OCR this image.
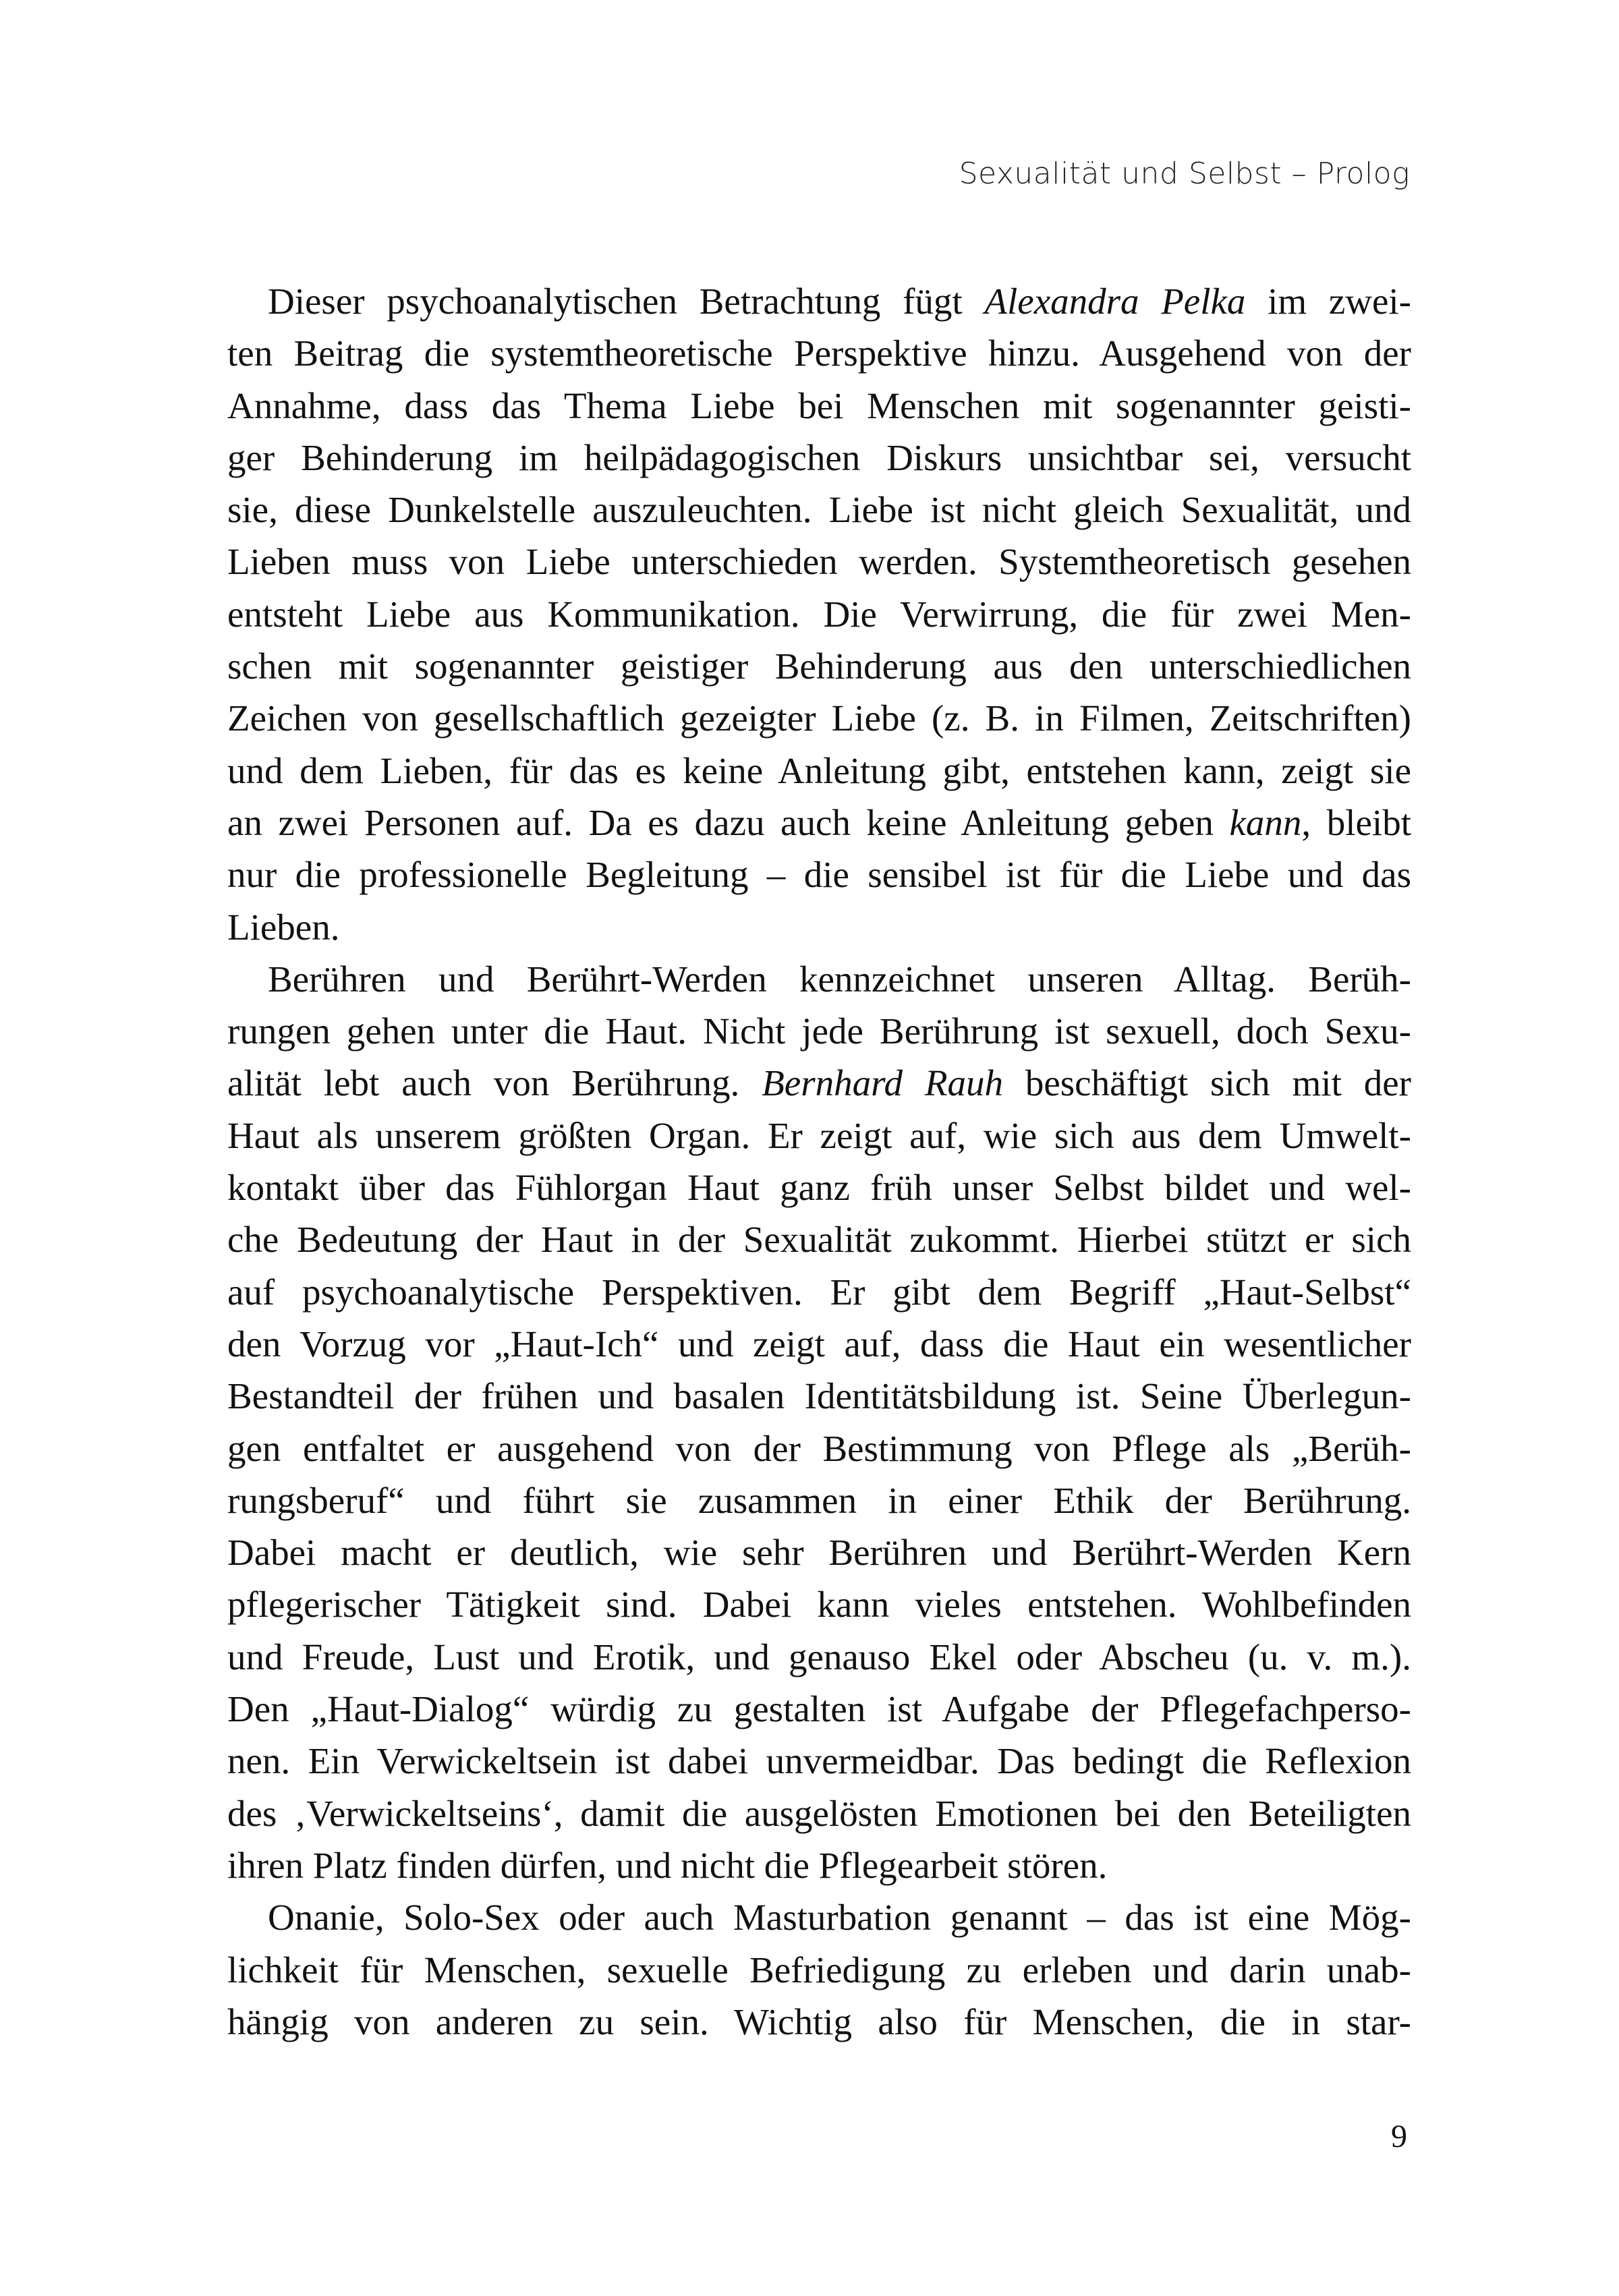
Sexualität und Selbst – Prolog
Dieser psychoanalytischen Betrachtung fügt Alexandra Pelka im zwei-
ten Beitrag die systemtheoretische Perspektive hinzu. Ausgehend von der
Annahme, dass das Thema Liebe bei Menschen mit sogenannter geisti-
ger Behinderung im heilpädagogischen Diskurs unsichtbar sei, versucht
sie, diese Dunkelstelle auszuleuchten. Liebe ist nicht gleich Sexualität, und
Lieben muss von Liebe unterschieden werden. Systemtheoretisch gesehen
entsteht Liebe aus Kommunikation. Die Verwirrung, die für zwei Men-
schen mit sogenannter geistiger Behinderung aus den unterschiedlichen
Zeichen von gesellschaftlich gezeigter Liebe (z. B. in Filmen, Zeitschriften)
und dem Lieben, für das es keine Anleitung gibt, entstehen kann, zeigt sie
an zwei Personen auf. Da es dazu auch keine Anleitung geben kann, bleibt
nur die professionelle Begleitung – die sensibel ist für die Liebe und das
Lieben.
Berühren und Berührt-Werden kennzeichnet unseren Alltag. Berüh-
rungen gehen unter die Haut. Nicht jede Berührung ist sexuell, doch Sexu-
alität lebt auch von Berührung. Bernhard Rauh beschäftigt sich mit der
Haut als unserem größten Organ. Er zeigt auf, wie sich aus dem Umwelt-
kontakt über das Fühlorgan Haut ganz früh unser Selbst bildet und wel-
che Bedeutung der Haut in der Sexualität zukommt. Hierbei stützt er sich
auf psychoanalytische Perspektiven. Er gibt dem Begriff „Haut-Selbst“
den Vorzug vor „Haut-Ich“ und zeigt auf, dass die Haut ein wesentlicher
Bestandteil der frühen und basalen Identitätsbildung ist. Seine Überlegun-
gen entfaltet er ausgehend von der Bestimmung von Pflege als „Berüh-
rungsberuf“ und führt sie zusammen in einer Ethik der Berührung.
Dabei macht er deutlich, wie sehr Berühren und Berührt-Werden Kern
pflegerischer Tätigkeit sind. Dabei kann vieles entstehen. Wohlbefinden
und Freude, Lust und Erotik, und genauso Ekel oder Abscheu (u. v. m.).
Den „Haut-Dialog“ würdig zu gestalten ist Aufgabe der Pflegefachperso-
nen. Ein Verwickeltsein ist dabei unvermeidbar. Das bedingt die Reflexion
des ‚Verwickeltseins‘, damit die ausgelösten Emotionen bei den Beteiligten
ihren Platz finden dürfen, und nicht die Pflegearbeit stören.
Onanie, Solo-Sex oder auch Masturbation genannt – das ist eine Mög-
lichkeit für Menschen, sexuelle Befriedigung zu erleben und darin unab-
hängig von anderen zu sein. Wichtig also für Menschen, die in star-
9
